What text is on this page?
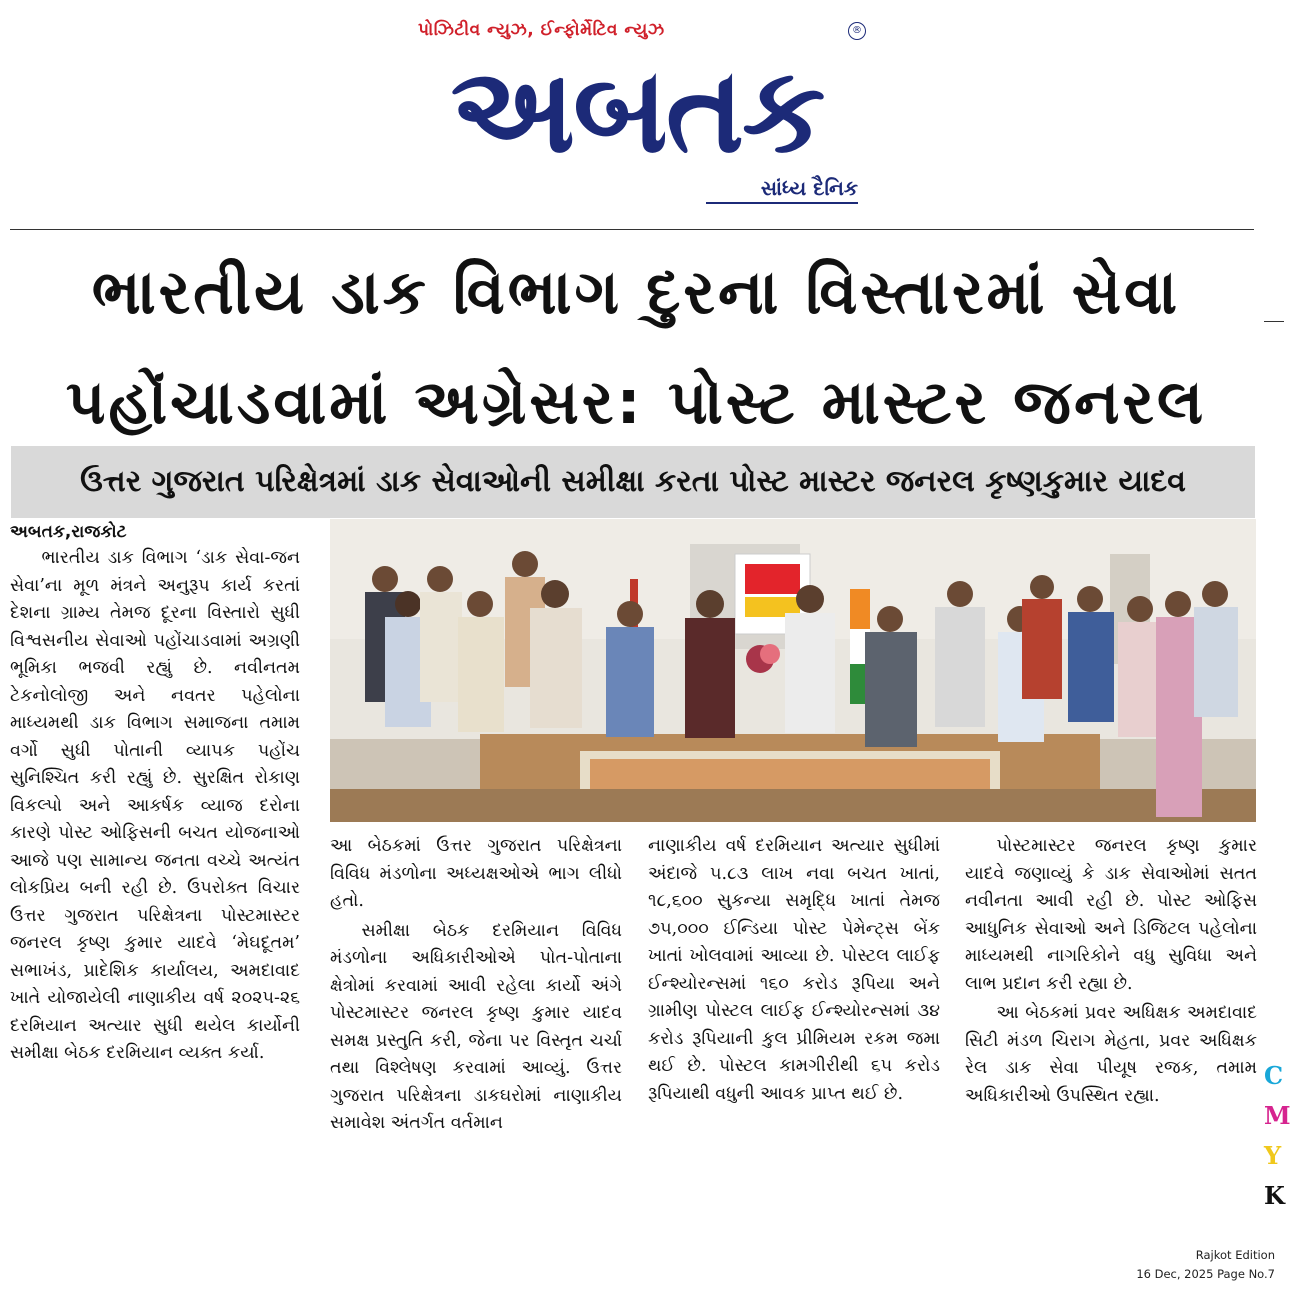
પોઝિટીવ ન્યુઝ, ઈન્ફોર્મેટિવ ન્યુઝ	®
અબતક
સાંધ્ય દૈનિક
ભારતીય ડાક વિભાગ દુરના વિસ્તારમાં સેવા
પહોંચાડવામાં અગ્રેસર: પોસ્ટ માસ્ટર જનરલ
ઉત્તર ગુજરાત પરિક્ષેત્રમાં ડાક સેવાઓની સમીક્ષા કરતા પોસ્ટ માસ્ટર જનરલ કૃષ્ણકુમાર યાદવ
અબતક,રાજકોટ

ભારતીય ડાક વિભાગ ‘ડાક સેવા-જન સેવા’ના મૂળ મંત્રને અનુરૂપ કાર્ય કરતાં દેશના ગ્રામ્ય તેમજ દૂરના વિસ્તારો સુધી વિશ્વસનીય સેવાઓ પહોંચાડવામાં અગ્રણી ભૂમિકા ભજવી રહ્યું છે. નવીનતમ ટેકનોલોજી અને નવતર પહેલોના માધ્યમથી ડાક વિભાગ સમાજના તમામ વર્ગો સુધી પોતાની વ્યાપક પહોંચ સુનિશ્ચિત કરી રહ્યું છે. સુરક્ષિત રોકાણ વિકલ્પો અને આકર્ષક વ્યાજ દરોના કારણે પોસ્ટ ઓફિસની બચત યોજનાઓ આજે પણ સામાન્ય જનતા વચ્ચે અત્યંત લોકપ્રિય બની રહી છે. ઉપરોક્ત વિચાર ઉત્તર ગુજરાત પરિક્ષેત્રના પોસ્ટમાસ્ટર જનરલ કૃષ્ણ કુમાર યાદવે ‘મેઘદૂતમ’ સભાખંડ, પ્રાદેશિક કાર્યાલય, અમદાવાદ ખાતે યોજાયેલી નાણાકીય વર્ષ ૨૦૨૫-૨૬ દરમિયાન અત્યાર સુધી થયેલ કાર્યોની સમીક્ષા બેઠક દરમિયાન વ્યક્ત કર્યા.

આ બેઠકમાં ઉત્તર ગુજરાત પરિક્ષેત્રના વિવિધ મંડળોના અધ્યક્ષઓએ ભાગ લીધો હતો.

સમીક્ષા બેઠક દરમિયાન વિવિધ મંડળોના અધિકારીઓએ પોત-પોતાના ક્ષેત્રોમાં કરવામાં આવી રહેલા કાર્યો અંગે પોસ્ટમાસ્ટર જનરલ કૃષ્ણ કુમાર યાદવ સમક્ષ પ્રસ્તુતિ કરી, જેના પર વિસ્તૃત ચર્ચા તથા વિશ્લેષણ કરવામાં આવ્યું. ઉત્તર ગુજરાત પરિક્ષેત્રના ડાકઘરોમાં નાણાકીય સમાવેશ અંતર્ગત વર્તમાન

નાણાકીય વર્ષ દરમિયાન અત્યાર સુધીમાં અંદાજે ૫.૮૩ લાખ નવા બચત ખાતાં, ૧૮,૬૦૦ સુકન્યા સમૃદ્ધિ ખાતાં તેમજ ૭૫,૦૦૦ ઈન્ડિયા પોસ્ટ પેમેન્ટ્સ બેંક ખાતાં ખોલવામાં આવ્યા છે. પોસ્ટલ લાઈફ ઈન્શ્યોરન્સમાં ૧૬૦ કરોડ રૂપિયા અને ગ્રામીણ પોસ્ટલ લાઈફ ઈન્શ્યોરન્સમાં ૩૪ કરોડ રૂપિયાની કુલ પ્રીમિયમ રકમ જમા થઈ છે. પોસ્ટલ કામગીરીથી ૬૫ કરોડ રૂપિયાથી વધુની આવક પ્રાપ્ત થઈ છે.

પોસ્ટમાસ્ટર જનરલ કૃષ્ણ કુમાર યાદવે જણાવ્યું કે ડાક સેવાઓમાં સતત નવીનતા આવી રહી છે. પોસ્ટ ઓફિસ આધુનિક સેવાઓ અને ડિજિટલ પહેલોના માધ્યમથી નાગરિકોને વધુ સુવિધા અને લાભ પ્રદાન કરી રહ્યા છે.

આ બેઠકમાં પ્રવર અધિક્ષક અમદાવાદ સિટી મંડળ ચિરાગ મેહતા, પ્રવર અધિક્ષક રેલ ડાક સેવા પીયૂષ રજક, તમામ અધિકારીઓ ઉપસ્થિત રહ્યા.

C
M
Y
K
Rajkot Edition
16 Dec, 2025 Page No.7
